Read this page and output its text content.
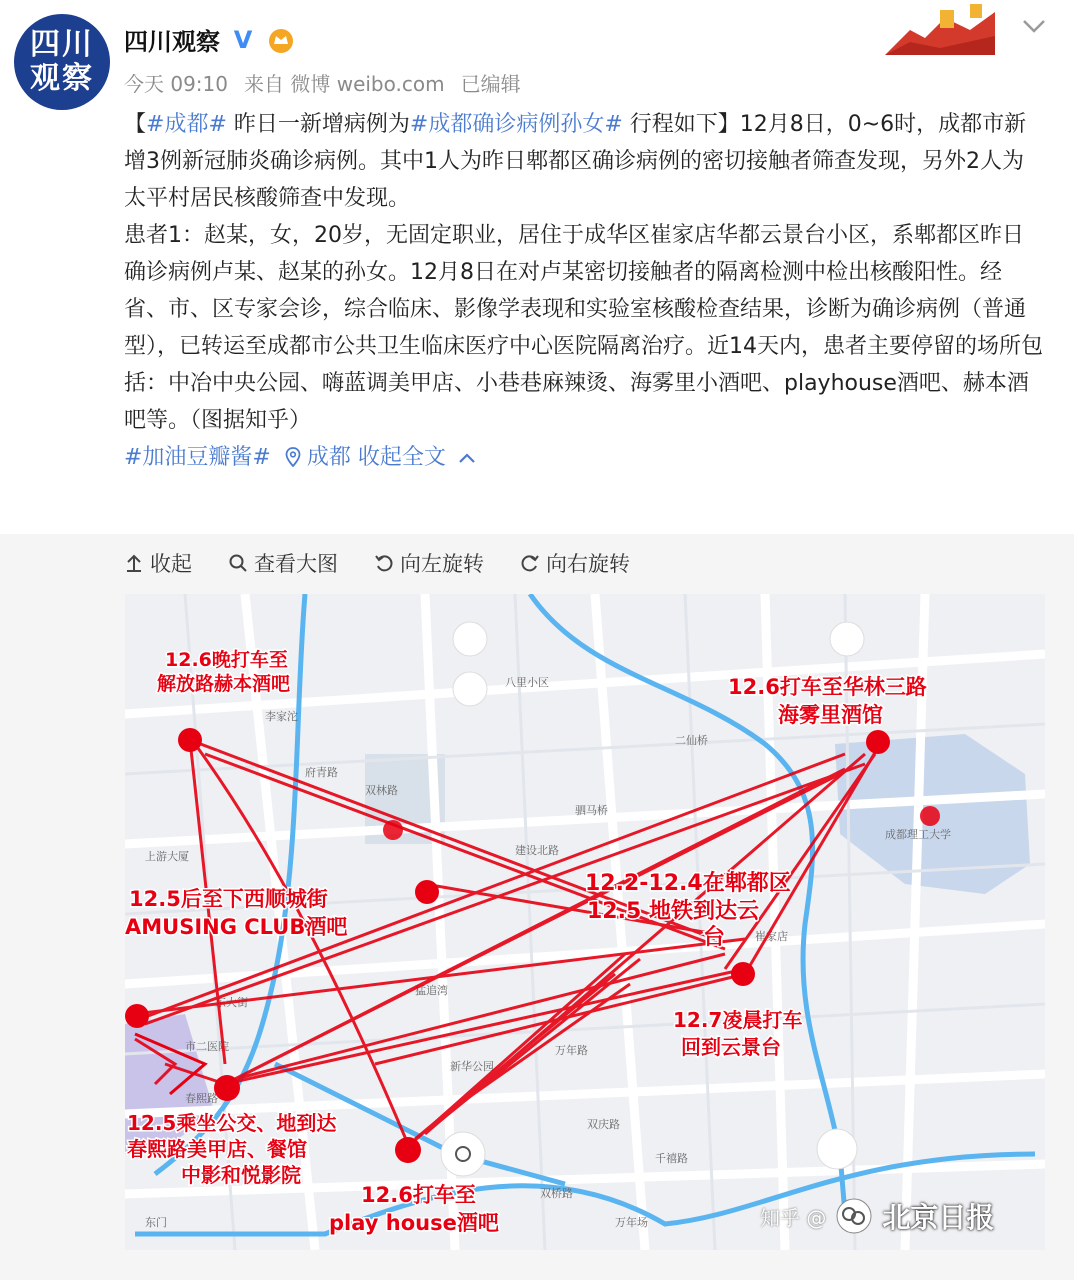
四川
观察
四川观察 V
今天 09:10 来自 微博 weibo.com 已编辑

【#成都# 昨日一新增病例为#成都确诊病例孙女# 行程如下】12月8日，0~6时，成都市新增3例新冠肺炎确诊病例。其中1人为昨日郫都区确诊病例的密切接触者筛查发现，另外2人为太平村居民核酸筛查中发现。

患者1：赵某，女，20岁，无固定职业，居住于成华区崔家店华都云景台小区，系郫都区昨日确诊病例卢某、赵某的孙女。12月8日在对卢某密切接触者的隔离检测中检出核酸阳性。经省、市、区专家会诊，综合临床、影像学表现和实验室核酸检查结果，诊断为确诊病例（普通型），已转运至成都市公共卫生临床医疗中心医院隔离治疗。近14天内，患者主要停留的场所包括：中冶中央公园、嗨蓝调美甲店、小巷巷麻辣烫、海雾里小酒吧、playhouse酒吧、赫本酒吧等。（图据知乎）

#加油豆瓣酱# 成都 收起全文

收起	查看大图	向左旋转	向右旋转
李家沱
八里小区
府青路
双林路
二仙桥
建设北路
崔家店
新华公园
双庆路
万年路
春熙路
市二医院
成都理工大学
驷马桥
猛追湾
东门
千禧路
双桥路
万年场
上游大厦
东大街
12.6晚打车至
解放路赫本酒吧	12.6打车至华林三路
海雾里酒馆
12.2-12.4在郫都区
12.5 地铁到达云
台
12.5后至下西顺城街
AMUSING CLUB酒吧
12.7凌晨打车
回到云景台
12.5乘坐公交、地到达
春熙路美甲店、餐馆
中影和悦影院
12.6打车至
play house酒吧	知乎 @ 北京日报
